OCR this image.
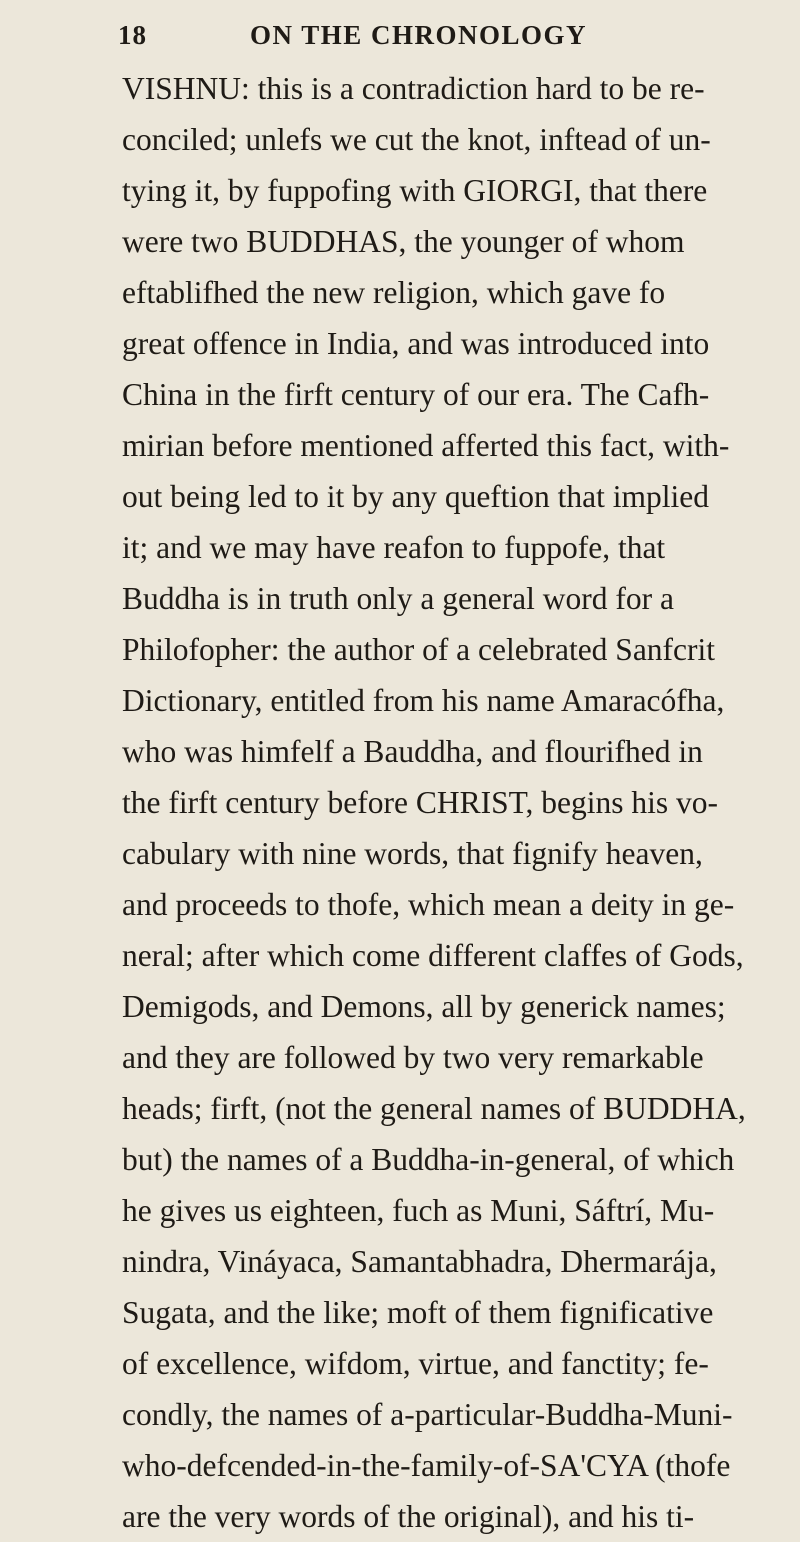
18	ON THE CHRONOLOGY
VISHNU: this is a contradiction hard to be re-
conciled; unlefs we cut the knot, inftead of un-
tying it, by fuppofing with GIORGI, that there
were two BUDDHAS, the younger of whom
eftablifhed the new religion, which gave fo
great offence in India, and was introduced into
China in the firft century of our era. The Cafh-
mirian before mentioned afferted this fact, with-
out being led to it by any queftion that implied
it; and we may have reafon to fuppofe, that
Buddha is in truth only a general word for a
Philofopher: the author of a celebrated Sanfcrit
Dictionary, entitled from his name Amaracófha,
who was himfelf a Bauddha, and flourifhed in
the firft century before CHRIST, begins his vo-
cabulary with nine words, that fignify heaven,
and proceeds to thofe, which mean a deity in ge-
neral; after which come different claffes of Gods,
Demigods, and Demons, all by generick names;
and they are followed by two very remarkable
heads; firft, (not the general names of BUDDHA,
but) the names of a Buddha-in-general, of which
he gives us eighteen, fuch as Muni, Sáftrí, Mu-
nindra, Vináyaca, Samantabhadra, Dhermarája,
Sugata, and the like; moft of them fignificative
of excellence, wifdom, virtue, and fanctity; fe-
condly, the names of a-particular-Buddha-Muni-
who-defcended-in-the-family-of-SA'CYA (thofe
are the very words of the original), and his ti-
